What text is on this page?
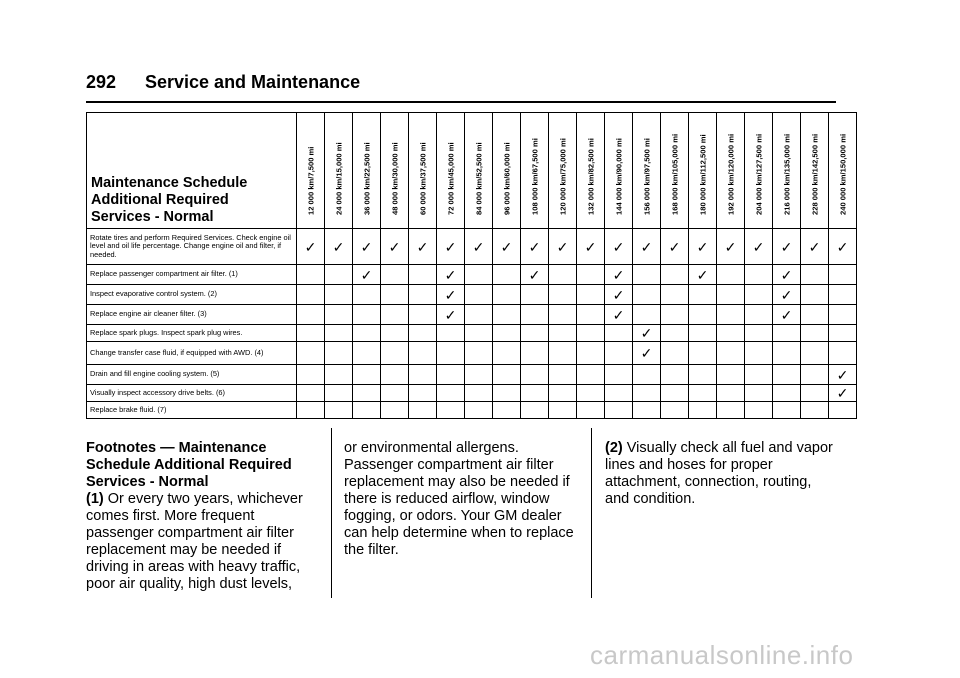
292 Service and Maintenance
Maintenance Schedule
Additional Required
Services - Normal	12 000 km/7,500 mi	24 000 km/15,000 mi	36 000 km/22,500 mi	48 000 km/30,000 mi	60 000 km/37,500 mi	72 000 km/45,000 mi	84 000 km/52,500 mi	96 000 km/60,000 mi	108 000 km/67,500 mi	120 000 km/75,000 mi	132 000 km/82,500 mi	144 000 km/90,000 mi	156 000 km/97,500 mi	168 000 km/105,000 mi	180 000 km/112,500 mi	192 000 km/120,000 mi	204 000 km/127,500 mi	216 000 km/135,000 mi	228 000 km/142,500 mi	240 000 km/150,000 mi

Rotate tires and perform Required Services. Check engine oil level and oil life percentage. Change engine oil and filter, if needed.	✓	✓	✓	✓	✓	✓	✓	✓	✓	✓	✓	✓	✓	✓	✓	✓	✓	✓	✓	✓
Replace passenger compartment air filter. (1)			✓			✓			✓			✓			✓			✓		
Inspect evaporative control system. (2)						✓						✓						✓		
Replace engine air cleaner filter. (3)						✓						✓						✓		
Replace spark plugs. Inspect spark plug wires.													✓							
Change transfer case fluid, if equipped with AWD. (4)													✓							
Drain and fill engine cooling system. (5)																				✓
Visually inspect accessory drive belts. (6)																				✓
Replace brake fluid. (7)																				

Footnotes — Maintenance Schedule Additional Required Services - Normal

(1) Or every two years, whichever comes first. More frequent passenger compartment air filter replacement may be needed if driving in areas with heavy traffic, poor air quality, high dust levels,

or environmental allergens. Passenger compartment air filter replacement may also be needed if there is reduced airflow, window fogging, or odors. Your GM dealer can help determine when to replace the filter.

(2) Visually check all fuel and vapor lines and hoses for proper attachment, connection, routing, and condition.

carmanualsonline.info
